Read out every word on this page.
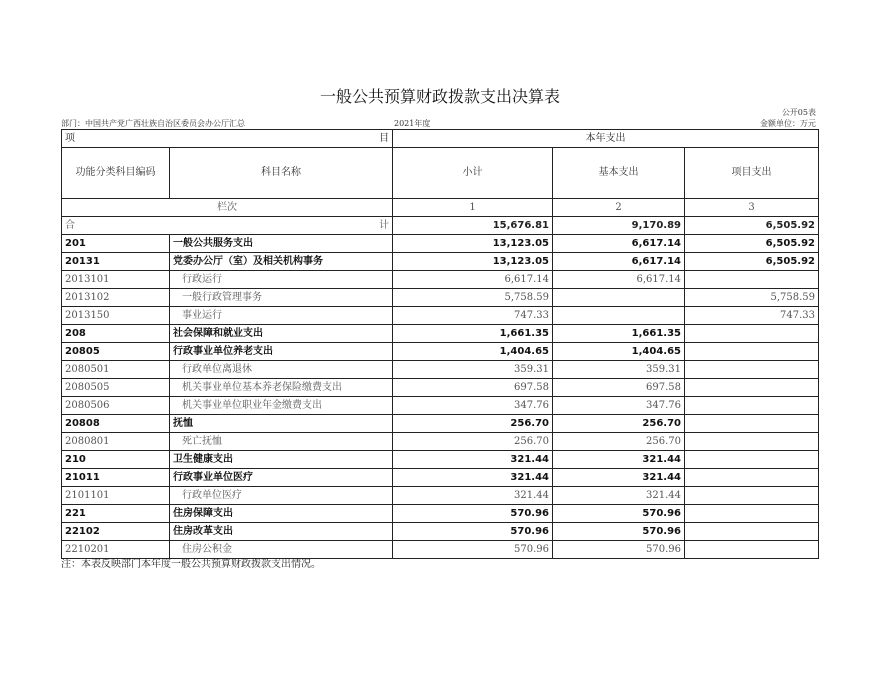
一般公共预算财政拨款支出决算表
公开05表
部门：中国共产党广西壮族自治区委员会办公厅汇总	2021年度	金额单位：万元
项 目		本年支出		
功能分类科目编码	科目名称	小计	基本支出	项目支出
栏次		1	2	3
合 计		15,676.81	9,170.89	6,505.92
201	一般公共服务支出	13,123.05	6,617.14	6,505.92
20131	党委办公厅（室）及相关机构事务	13,123.05	6,617.14	6,505.92
2013101	行政运行	6,617.14	6,617.14	
2013102	一般行政管理事务	5,758.59		5,758.59
2013150	事业运行	747.33		747.33
208	社会保障和就业支出	1,661.35	1,661.35	
20805	行政事业单位养老支出	1,404.65	1,404.65	
2080501	行政单位离退休	359.31	359.31	
2080505	机关事业单位基本养老保险缴费支出	697.58	697.58	
2080506	机关事业单位职业年金缴费支出	347.76	347.76	
20808	抚恤	256.70	256.70	
2080801	死亡抚恤	256.70	256.70	
210	卫生健康支出	321.44	321.44	
21011	行政事业单位医疗	321.44	321.44	
2101101	行政单位医疗	321.44	321.44	
221	住房保障支出	570.96	570.96	
22102	住房改革支出	570.96	570.96	
2210201	住房公积金	570.96	570.96	
注：本表反映部门本年度一般公共预算财政拨款支出情况。
